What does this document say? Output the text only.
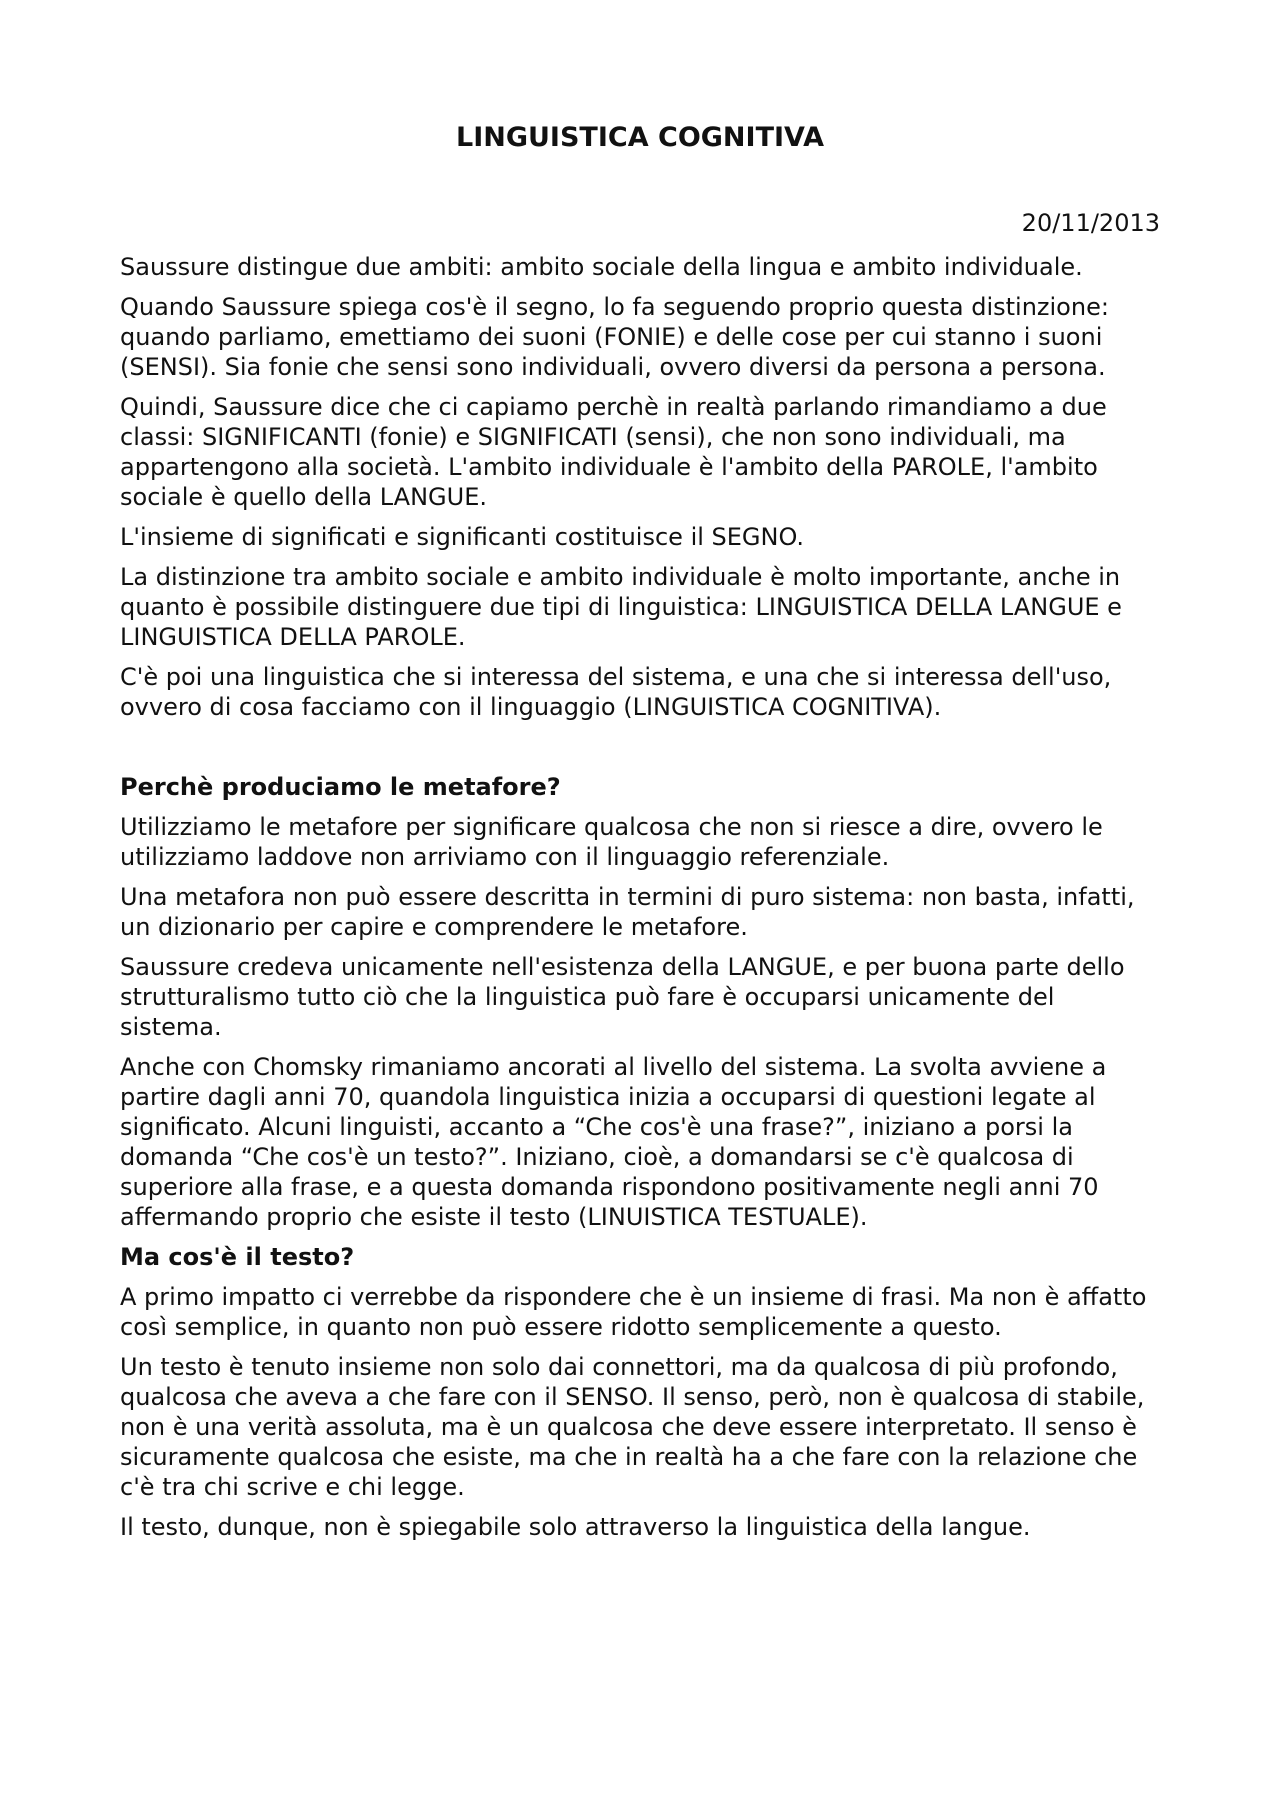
LINGUISTICA COGNITIVA

20/11/2013

Saussure distingue due ambiti: ambito sociale della lingua e ambito individuale.

Quando Saussure spiega cos'è il segno, lo fa seguendo proprio questa distinzione: quando parliamo, emettiamo dei suoni (FONIE) e delle cose per cui stanno i suoni (SENSI). Sia fonie che sensi sono individuali, ovvero diversi da persona a persona.

Quindi, Saussure dice che ci capiamo perchè in realtà parlando rimandiamo a due classi: SIGNIFICANTI (fonie) e SIGNIFICATI (sensi), che non sono individuali, ma appartengono alla società. L'ambito individuale è l'ambito della PAROLE, l'ambito sociale è quello della LANGUE.

L'insieme di significati e significanti costituisce il SEGNO.

La distinzione tra ambito sociale e ambito individuale è molto importante, anche in quanto è possibile distinguere due tipi di linguistica: LINGUISTICA DELLA LANGUE e LINGUISTICA DELLA PAROLE.

C'è poi una linguistica che si interessa del sistema, e una che si interessa dell'uso, ovvero di cosa facciamo con il linguaggio (LINGUISTICA COGNITIVA).

Perchè produciamo le metafore?

Utilizziamo le metafore per significare qualcosa che non si riesce a dire, ovvero le utilizziamo laddove non arriviamo con il linguaggio referenziale.

Una metafora non può essere descritta in termini di puro sistema: non basta, infatti, un dizionario per capire e comprendere le metafore.

Saussure credeva unicamente nell'esistenza della LANGUE, e per buona parte dello strutturalismo tutto ciò che la linguistica può fare è occuparsi unicamente del sistema.

Anche con Chomsky rimaniamo ancorati al livello del sistema. La svolta avviene a partire dagli anni 70, quandola linguistica inizia a occuparsi di questioni legate al significato. Alcuni linguisti, accanto a “Che cos'è una frase?”, iniziano a porsi la domanda “Che cos'è un testo?”. Iniziano, cioè, a domandarsi se c'è qualcosa di superiore alla frase, e a questa domanda rispondono positivamente negli anni 70 affermando proprio che esiste il testo (LINUISTICA TESTUALE).

Ma cos'è il testo?

A primo impatto ci verrebbe da rispondere che è un insieme di frasi. Ma non è affatto così semplice, in quanto non può essere ridotto semplicemente a questo.

Un testo è tenuto insieme non solo dai connettori, ma da qualcosa di più profondo, qualcosa che aveva a che fare con il SENSO. Il senso, però, non è qualcosa di stabile, non è una verità assoluta, ma è un qualcosa che deve essere interpretato. Il senso è sicuramente qualcosa che esiste, ma che in realtà ha a che fare con la relazione che c'è tra chi scrive e chi legge.

Il testo, dunque, non è spiegabile solo attraverso la linguistica della langue.
